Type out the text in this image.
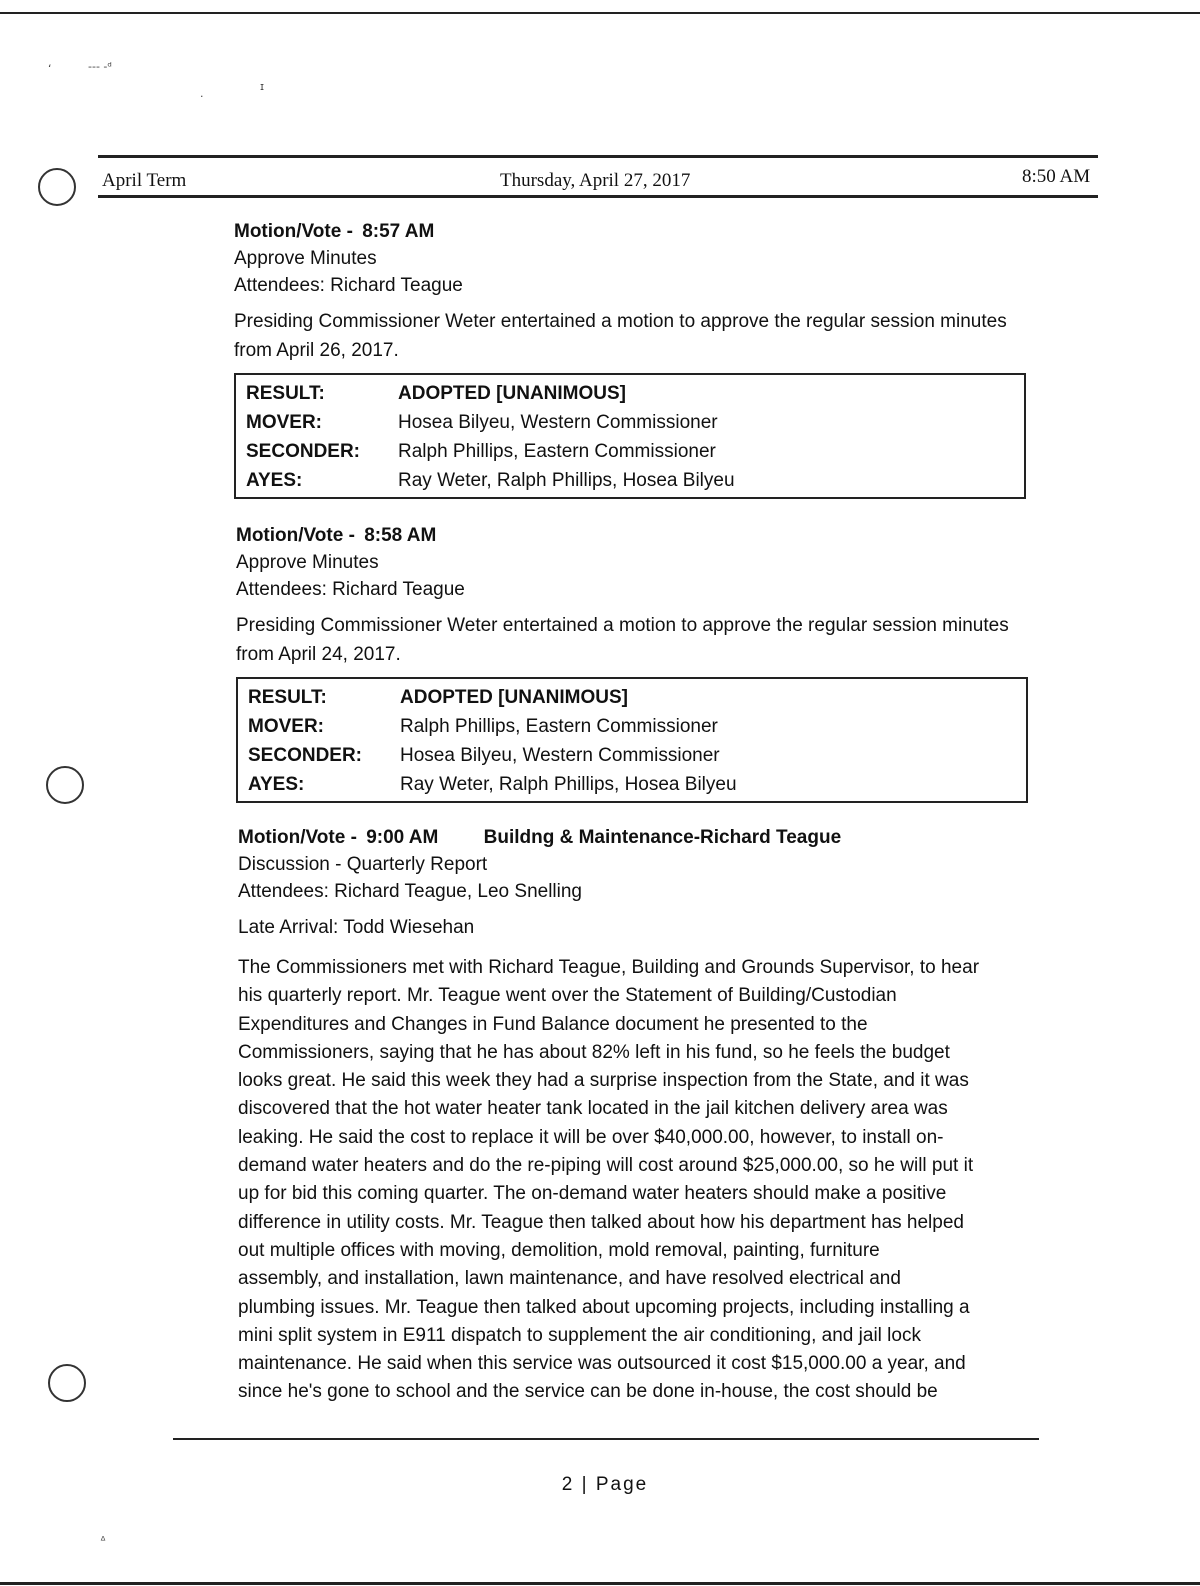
ʻ	‐‐‐ ‑ᵈ
·
ɪ
ᐞ
April Term	Thursday, April 27, 2017	8:50 AM
Motion/Vote - 8:57 AM
Approve Minutes
Attendees: Richard Teague
Presiding Commissioner Weter entertained a motion to approve the regular session minutes from April 26, 2017.
RESULT:	ADOPTED [UNANIMOUS]
MOVER:	Hosea Bilyeu, Western Commissioner
SECONDER:	Ralph Phillips, Eastern Commissioner
AYES:	Ray Weter, Ralph Phillips, Hosea Bilyeu
Motion/Vote - 8:58 AM
Approve Minutes
Attendees: Richard Teague
Presiding Commissioner Weter entertained a motion to approve the regular session minutes from April 24, 2017.
RESULT:	ADOPTED [UNANIMOUS]
MOVER:	Ralph Phillips, Eastern Commissioner
SECONDER:	Hosea Bilyeu, Western Commissioner
AYES:	Ray Weter, Ralph Phillips, Hosea Bilyeu
Motion/Vote - 9:00 AM Buildng & Maintenance-Richard Teague
Discussion - Quarterly Report
Attendees: Richard Teague, Leo Snelling
Late Arrival: Todd Wiesehan
The Commissioners met with Richard Teague, Building and Grounds Supervisor, to hear
his quarterly report. Mr. Teague went over the Statement of Building/Custodian
Expenditures and Changes in Fund Balance document he presented to the
Commissioners, saying that he has about 82% left in his fund, so he feels the budget
looks great. He said this week they had a surprise inspection from the State, and it was
discovered that the hot water heater tank located in the jail kitchen delivery area was
leaking. He said the cost to replace it will be over $40,000.00, however, to install on-
demand water heaters and do the re-piping will cost around $25,000.00, so he will put it
up for bid this coming quarter. The on-demand water heaters should make a positive
difference in utility costs. Mr. Teague then talked about how his department has helped
out multiple offices with moving, demolition, mold removal, painting, furniture
assembly, and installation, lawn maintenance, and have resolved electrical and
plumbing issues. Mr. Teague then talked about upcoming projects, including installing a
mini split system in E911 dispatch to supplement the air conditioning, and jail lock
maintenance. He said when this service was outsourced it cost $15,000.00 a year, and
since he's gone to school and the service can be done in-house, the cost should be
2 | Page
